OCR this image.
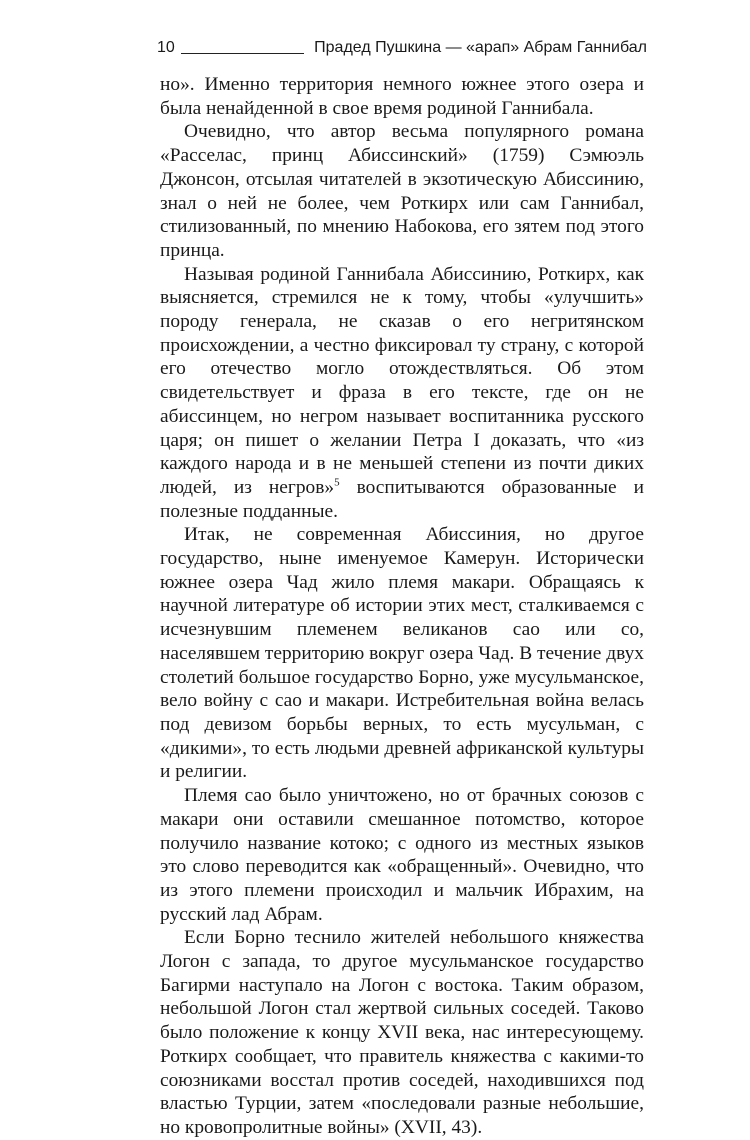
10	Прадед Пушкина — «арап» Абрам Ганнибал

но». Именно территория немного южнее этого озера и была ненайденной в свое время родиной Ганнибала.

Очевидно, что автор весьма популярного романа «Расселас, принц Абиссинский» (1759) Сэмюэль Джонсон, отсылая читателей в экзотическую Абиссинию, знал о ней не более, чем Роткирх или сам Ганнибал, стилизованный, по мнению Набокова, его зятем под этого принца.

Называя родиной Ганнибала Абиссинию, Роткирх, как выясняется, стремился не к тому, чтобы «улучшить» породу генерала, не сказав о его негритянском происхождении, а честно фиксировал ту страну, с которой его отечество могло отождествляться. Об этом свидетельствует и фраза в его тексте, где он не абиссинцем, но негром называет воспитанника русского царя; он пишет о желании Петра I доказать, что «из каждого народа и в не меньшей степени из почти диких людей, из негров»$^5$ воспитываются образованные и полезные подданные.

Итак, не современная Абиссиния, но другое государство, ныне именуемое Камерун. Исторически южнее озера Чад жило племя макари. Обращаясь к научной литературе об истории этих мест, сталкиваемся с исчезнувшим племенем великанов сао или со, населявшем территорию вокруг озера Чад. В течение двух столетий большое государство Борно, уже мусульманское, вело войну с сао и макари. Истребительная война велась под девизом борьбы верных, то есть мусульман, с «дикими», то есть людьми древней африканской культуры и религии.

Племя сао было уничтожено, но от брачных союзов с макари они оставили смешанное потомство, которое получило название котоко; с одного из местных языков это слово переводится как «обращенный». Очевидно, что из этого племени происходил и мальчик Ибрахим, на русский лад Абрам.

Если Борно теснило жителей небольшого княжества Логон с запада, то другое мусульманское государство Багирми наступало на Логон с востока. Таким образом, небольшой Логон стал жертвой сильных соседей. Таково было положение к концу XVII века, нас интересующему. Роткирх сообщает, что правитель княжества с какими-то союзниками восстал против соседей, находившихся под властью Турции, затем «последовали разные небольшие, но кровопролитные войны» (XVII, 43).
